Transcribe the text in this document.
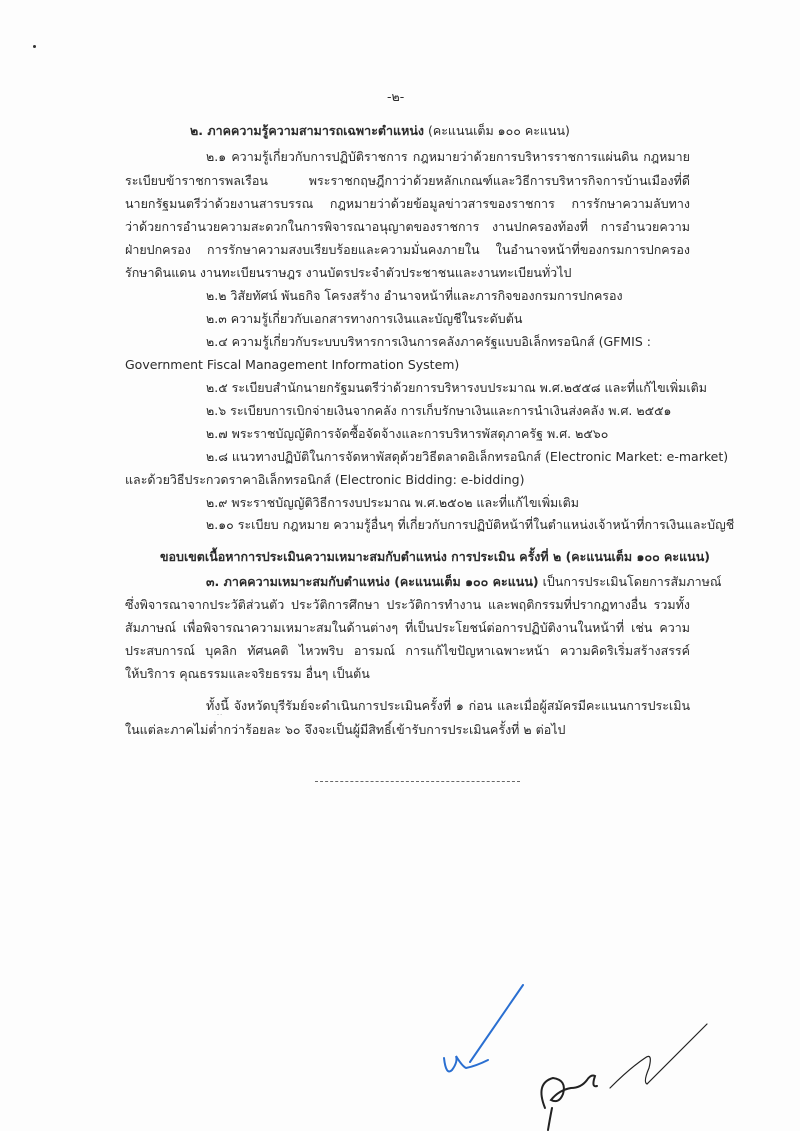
-๒-
๒. ภาคความรู้ความสามารถเฉพาะตำแหน่ง (คะแนนเต็ม ๑๐๐ คะแนน)
๒.๑ ความรู้เกี่ยวกับการปฏิบัติราชการ กฎหมายว่าด้วยการบริหารราชการแผ่นดิน กฎหมาย
ระเบียบข้าราชการพลเรือน พระราชกฤษฎีกาว่าด้วยหลักเกณฑ์และวิธีการบริหารกิจการบ้านเมืองที่ดี
นายกรัฐมนตรีว่าด้วยงานสารบรรณ กฎหมายว่าด้วยข้อมูลข่าวสารของราชการ การรักษาความลับทาง
ว่าด้วยการอำนวยความสะดวกในการพิจารณาอนุญาตของราชการ งานปกครองท้องที่ การอำนวยความ
ฝ่ายปกครอง การรักษาความสงบเรียบร้อยและความมั่นคงภายใน ในอำนาจหน้าที่ของกรมการปกครอง
รักษาดินแดน งานทะเบียนราษฎร งานบัตรประจำตัวประชาชนและงานทะเบียนทั่วไป
๒.๒ วิสัยทัศน์ พันธกิจ โครงสร้าง อำนาจหน้าที่และภารกิจของกรมการปกครอง
๒.๓ ความรู้เกี่ยวกับเอกสารทางการเงินและบัญชีในระดับต้น
๒.๔ ความรู้เกี่ยวกับระบบบริหารการเงินการคลังภาครัฐแบบอิเล็กทรอนิกส์ (GFMIS :
Government Fiscal Management Information System)
๒.๕ ระเบียบสำนักนายกรัฐมนตรีว่าด้วยการบริหารงบประมาณ พ.ศ.๒๕๕๘ และที่แก้ไขเพิ่มเติม
๒.๖ ระเบียบการเบิกจ่ายเงินจากคลัง การเก็บรักษาเงินและการนำเงินส่งคลัง พ.ศ. ๒๕๕๑
๒.๗ พระราชบัญญัติการจัดซื้อจัดจ้างและการบริหารพัสดุภาครัฐ พ.ศ. ๒๕๖๐
๒.๘ แนวทางปฏิบัติในการจัดหาพัสดุด้วยวิธีตลาดอิเล็กทรอนิกส์ (Electronic Market: e-market)
และด้วยวิธีประกวดราคาอิเล็กทรอนิกส์ (Electronic Bidding: e-bidding)
๒.๙ พระราชบัญญัติวิธีการงบประมาณ พ.ศ.๒๕๐๒ และที่แก้ไขเพิ่มเติม
๒.๑๐ ระเบียบ กฎหมาย ความรู้อื่นๆ ที่เกี่ยวกับการปฏิบัติหน้าที่ในตำแหน่งเจ้าหน้าที่การเงินและบัญชี
ขอบเขตเนื้อหาการประเมินความเหมาะสมกับตำแหน่ง การประเมิน ครั้งที่ ๒ (คะแนนเต็ม ๑๐๐ คะแนน)
๓. ภาคความเหมาะสมกับตำแหน่ง (คะแนนเต็ม ๑๐๐ คะแนน) เป็นการประเมินโดยการสัมภาษณ์
ซึ่งพิจารณาจากประวัติส่วนตัว ประวัติการศึกษา ประวัติการทำงาน และพฤติกรรมที่ปรากฏทางอื่น รวมทั้ง
สัมภาษณ์ เพื่อพิจารณาความเหมาะสมในด้านต่างๆ ที่เป็นประโยชน์ต่อการปฏิบัติงานในหน้าที่ เช่น ความ
ประสบการณ์ บุคลิก ทัศนคติ ไหวพริบ อารมณ์ การแก้ไขปัญหาเฉพาะหน้า ความคิดริเริ่มสร้างสรรค์
ให้บริการ คุณธรรมและจริยธรรม อื่นๆ เป็นต้น
ทั้งนี้ จังหวัดบุรีรัมย์จะดำเนินการประเมินครั้งที่ ๑ ก่อน และเมื่อผู้สมัครมีคะแนนการประเมิน
ในแต่ละภาคไม่ต่ำกว่าร้อยละ ๖๐ จึงจะเป็นผู้มีสิทธิ์เข้ารับการประเมินครั้งที่ ๒ ต่อไป
